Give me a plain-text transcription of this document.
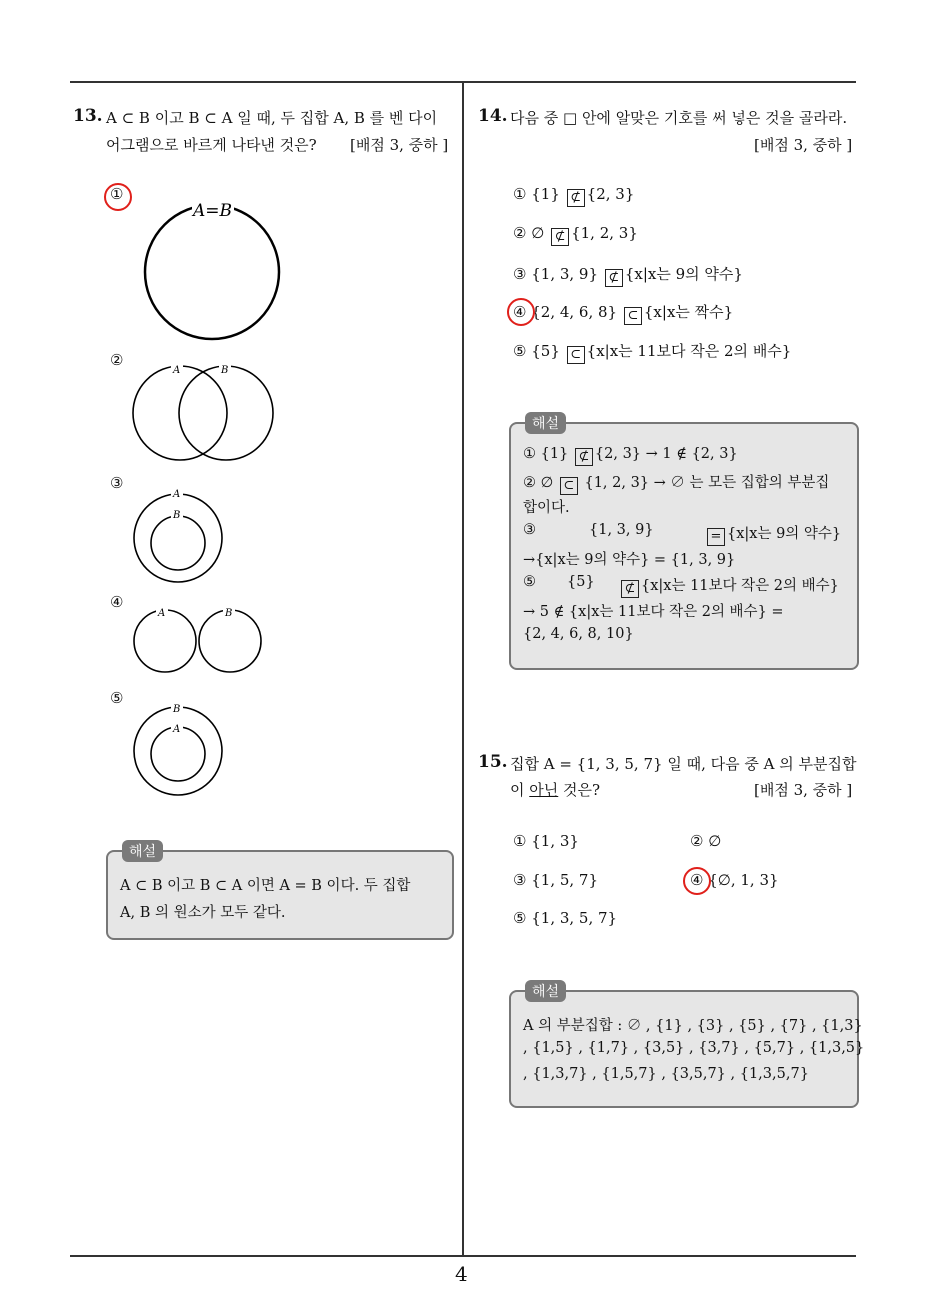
4
13. A ⊂ B 이고 B ⊂ A 일 때, 두 집합 A, B 를 벤 다이
어그램으로 바르게 나타낸 것은? [배점 3, 중하 ]
①
②
③
④
⑤
A=B
A	B
A
B
A	B
B
A
해설
A ⊂ B 이고 B ⊂ A 이면 A = B 이다. 두 집합
A, B 의 원소가 모두 같다.
14. 다음 중 □ 안에 알맞은 기호를 써 넣은 것을 골라라.
[배점 3, 중하 ]
① {1} ⊄ {2, 3}
② ∅ ⊄ {1, 2, 3}
③ {1, 3, 9} ⊄ {x|x는 9의 약수}
④ {2, 4, 6, 8} ⊂ {x|x는 짝수}
⑤ {5} ⊂ {x|x는 11보다 작은 2의 배수}
해설
① {1} ⊄ {2, 3} → 1 ∉ {2, 3}
② ∅ ⊂ {1, 2, 3} → ∅ 는 모든 집합의 부분집
합이다.
③	{1, 3, 9}	= {x|x는 9의 약수}
→{x|x는 9의 약수} = {1, 3, 9}
⑤ {5}	⊄ {x|x는 11보다 작은 2의 배수}
→ 5 ∉ {x|x는 11보다 작은 2의 배수} =
{2, 4, 6, 8, 10}
15. 집합 A = {1, 3, 5, 7} 일 때, 다음 중 A 의 부분집합
이 아닌 것은?	[배점 3, 중하 ]
① {1, 3}	② ∅
③ {1, 5, 7}	④ {∅, 1, 3}
⑤ {1, 3, 5, 7}
해설
A 의 부분집합 : ∅ , {1} , {3} , {5} , {7} , {1,3}
, {1,5} , {1,7} , {3,5} , {3,7} , {5,7} , {1,3,5}
, {1,3,7} , {1,5,7} , {3,5,7} , {1,3,5,7}
